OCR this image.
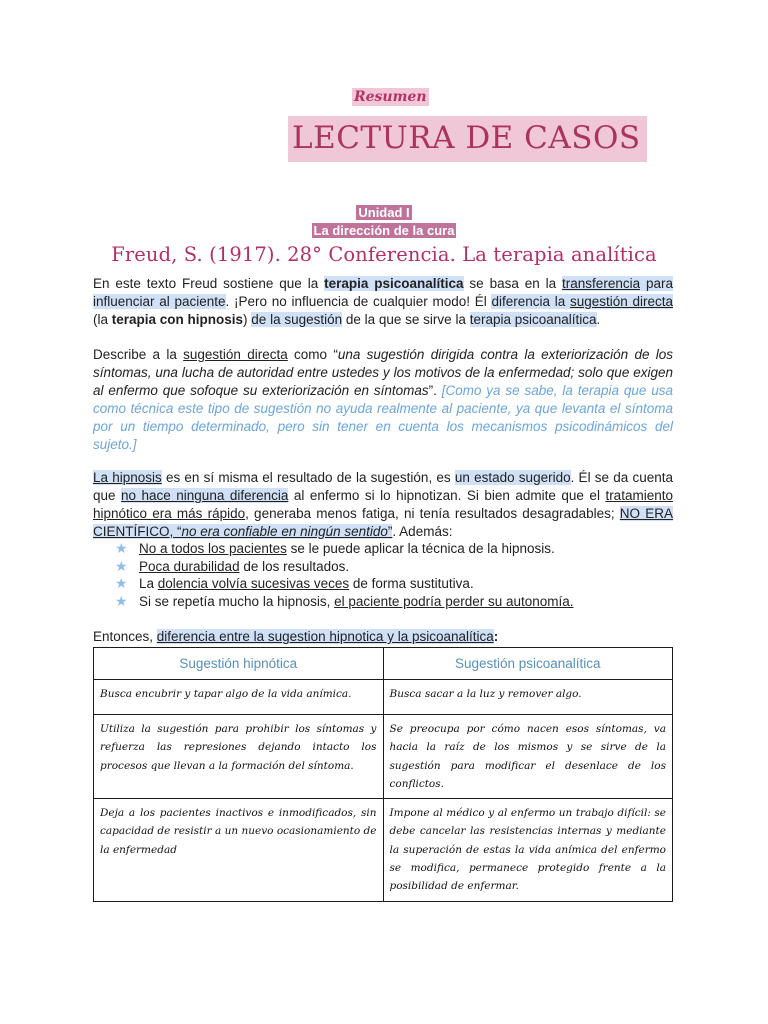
Resumen
LECTURA DE CASOS
Unidad I
La dirección de la cura
Freud, S. (1917). 28° Conferencia. La terapia analítica
En este texto Freud sostiene que la terapia psicoanalítica se basa en la transferencia para influenciar al paciente. ¡Pero no influencia de cualquier modo! Él diferencia la sugestión directa (la terapia con hipnosis) de la sugestión de la que se sirve la terapia psicoanalítica.
Describe a la sugestión directa como “una sugestión dirigida contra la exteriorización de los síntomas, una lucha de autoridad entre ustedes y los motivos de la enfermedad; solo que exigen al enfermo que sofoque su exteriorización en síntomas”. [Como ya se sabe, la terapia que usa como técnica este tipo de sugestión no ayuda realmente al paciente, ya que levanta el síntoma por un tiempo determinado, pero sin tener en cuenta los mecanismos psicodinámicos del sujeto.]
La hipnosis es en sí misma el resultado de la sugestión, es un estado sugerido. Él se da cuenta que no hace ninguna diferencia al enfermo si lo hipnotizan. Si bien admite que el tratamiento hipnótico era más rápido, generaba menos fatiga, ni tenía resultados desagradables; NO ERA CIENTÍFICO, “no era confiable en ningún sentido”. Además:
★ No a todos los pacientes se le puede aplicar la técnica de la hipnosis.
★ Poca durabilidad de los resultados.
★ La dolencia volvía sucesivas veces de forma sustitutiva.
★ Si se repetía mucho la hipnosis, el paciente podría perder su autonomía.
Entonces, diferencia entre la sugestion hipnotica y la psicoanalítica:
Sugestión hipnótica	Sugestión psicoanalítica
Busca encubrir y tapar algo de la vida anímica.	Busca sacar a la luz y remover algo.
Utiliza la sugestión para prohibir los síntomas y refuerza las represiones dejando intacto los procesos que llevan a la formación del síntoma.	Se preocupa por cómo nacen esos síntomas, va hacia la raíz de los mismos y se sirve de la sugestión para modificar el desenlace de los conflictos.
Deja a los pacientes inactivos e inmodificados, sin capacidad de resistir a un nuevo ocasionamiento de la enfermedad	Impone al médico y al enfermo un trabajo difícil: se debe cancelar las resistencias internas y mediante la superación de estas la vida anímica del enfermo se modifica, permanece protegido frente a la posibilidad de enfermar.
